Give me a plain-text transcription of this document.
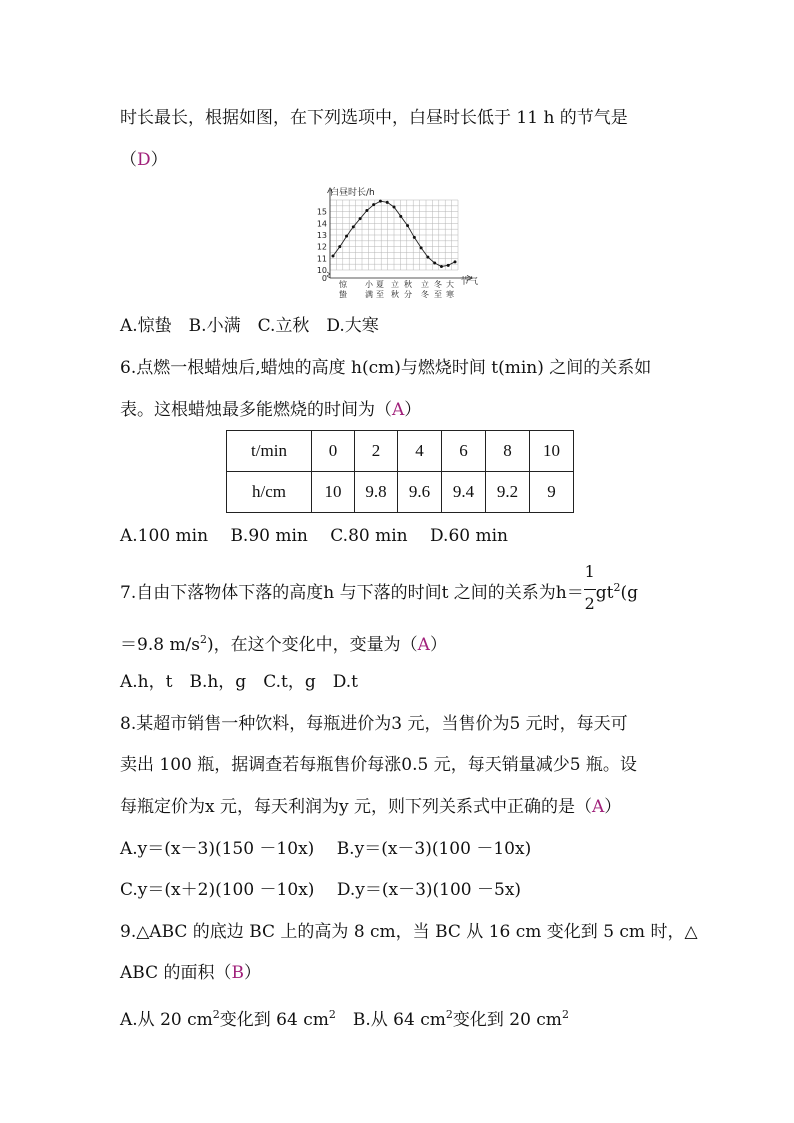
时长最长，根据如图，在下列选项中，白昼时长低于 11 h 的节气是
（D）
白昼时长/h
节气
0
10
11
12
13
14
15
惊
蛰
小
满
夏
至
立
秋
秋
分
立
冬
冬
至
大
寒
A.惊蛰　B.小满　C.立秋　D.大寒
6.点燃一根蜡烛后,蜡烛的高度 h(cm)与燃烧时间 t(min) 之间的关系如
表。这根蜡烛最多能燃烧的时间为（A）
t/min	0	2	4	6	8	10
h/cm	10	9.8	9.6	9.4	9.2	9
A.100 min　 B.90 min　 C.80 min　 D.60 min
7.自由下落物体下落的高度h 与下落的时间t 之间的关系为$h= \frac{1}{2} gt^2(g$
＝9.8 $m/s^2$)，在这个变化中，变量为（A）
A.h，t　B.h，g　C.t，g　D.t
8.某超市销售一种饮料，每瓶进价为3 元，当售价为5 元时，每天可
卖出 100 瓶，据调查若每瓶售价每涨0.5 元，每天销量减少5 瓶。设
每瓶定价为x 元，每天利润为y 元，则下列关系式中正确的是（A）
A.y＝(x－3)(150 －10x)　 B.y＝(x－3)(100 －10x)
C.y＝(x＋2)(100 －10x)　 D.y＝(x－3)(100 －5x)
9.△ABC 的底边 BC 上的高为 8 cm，当 BC 从 16 cm 变化到 5 cm 时，△
ABC 的面积（B）
A.从 20 $cm^2$变化到 64 $cm^2$　B.从 64 $cm^2$变化到 20 $cm^2$
